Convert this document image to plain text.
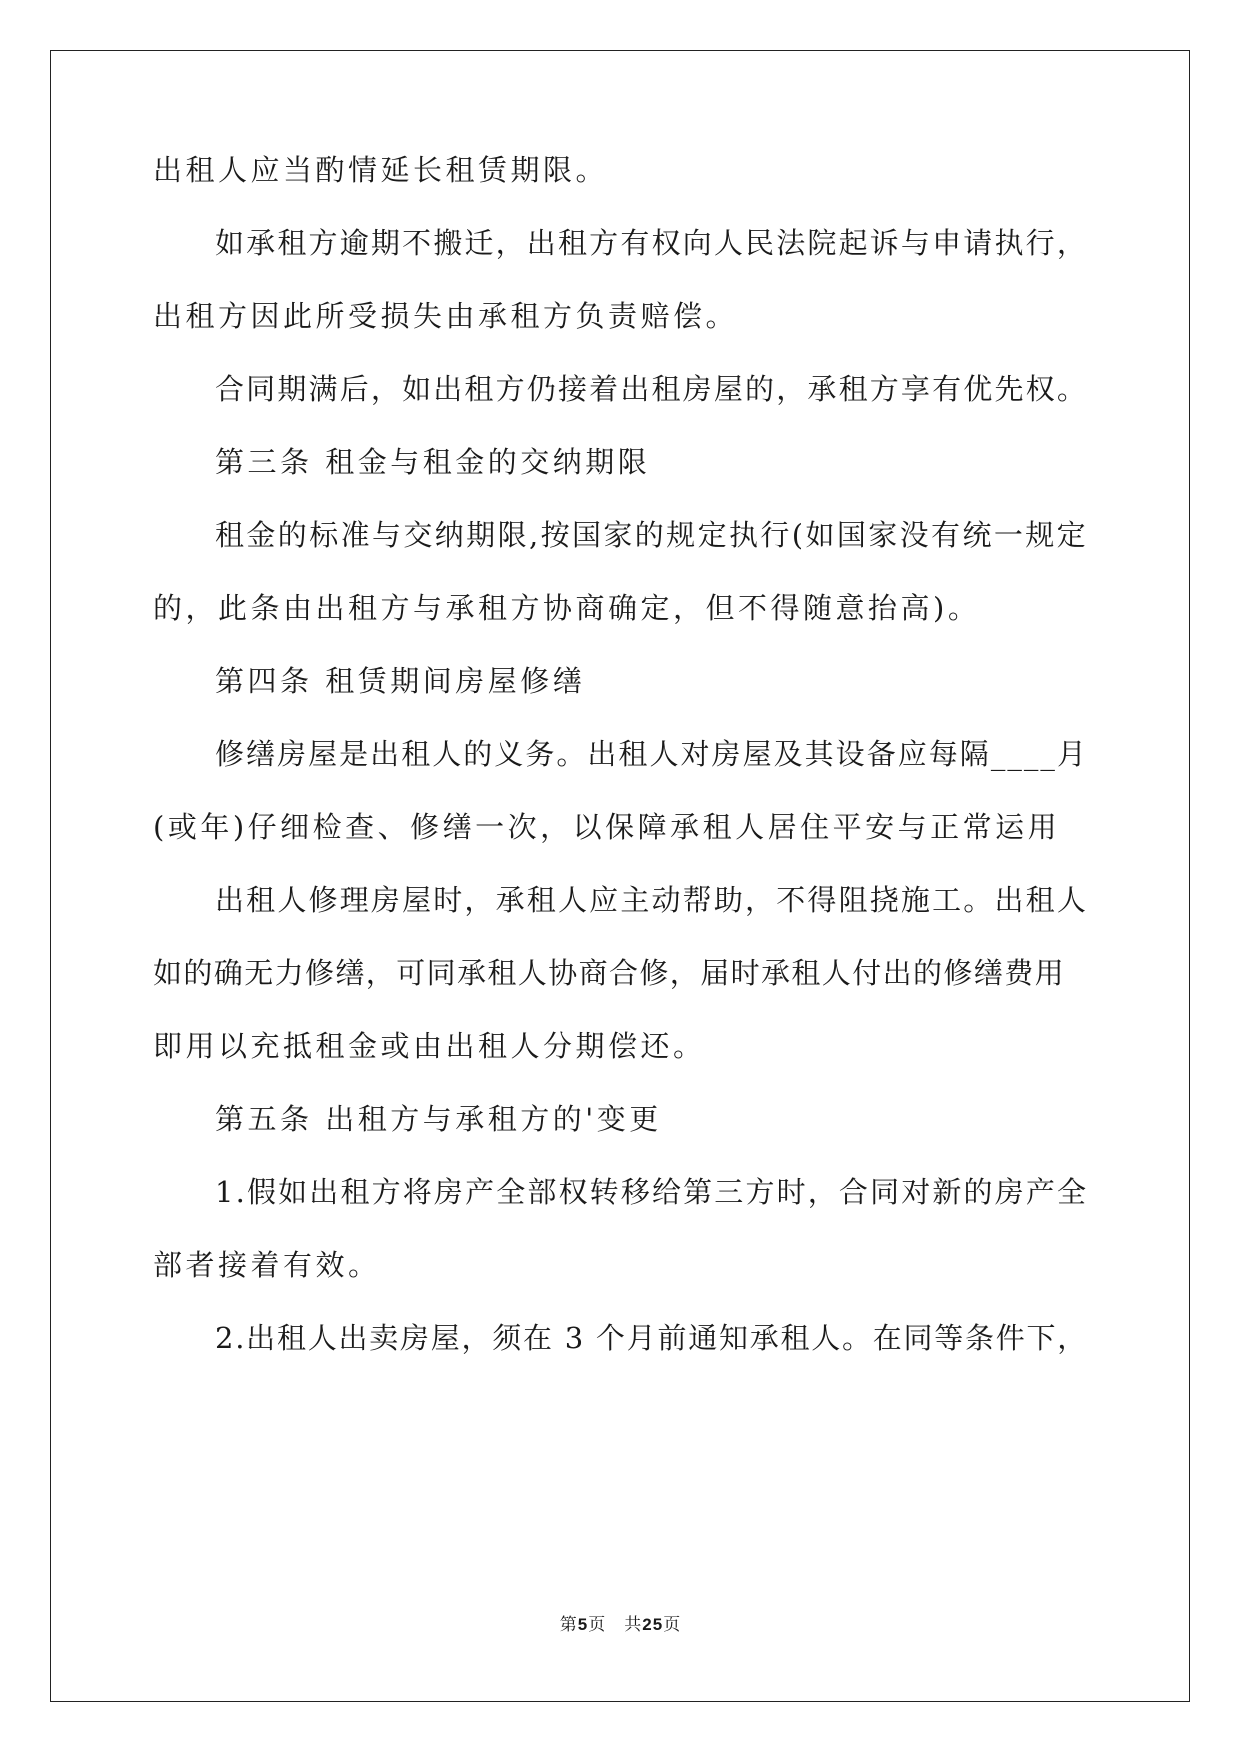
出租人应当酌情延长租赁期限。
如承租方逾期不搬迁，出租方有权向人民法院起诉与申请执行，
出租方因此所受损失由承租方负责赔偿。
合同期满后，如出租方仍接着出租房屋的，承租方享有优先权。
第三条 租金与租金的交纳期限
租金的标准与交纳期限,按国家的规定执行(如国家没有统一规定
的，此条由出租方与承租方协商确定，但不得随意抬高)。
第四条 租赁期间房屋修缮
修缮房屋是出租人的义务。出租人对房屋及其设备应每隔____月
(或年)仔细检查、修缮一次，以保障承租人居住平安与正常运用
出租人修理房屋时，承租人应主动帮助，不得阻挠施工。出租人
如的确无力修缮，可同承租人协商合修，届时承租人付出的修缮费用
即用以充抵租金或由出租人分期偿还。
第五条 出租方与承租方的'变更
1.假如出租方将房产全部权转移给第三方时，合同对新的房产全
部者接着有效。
2.出租人出卖房屋，须在 3 个月前通知承租人。在同等条件下，
第5页 共25页
